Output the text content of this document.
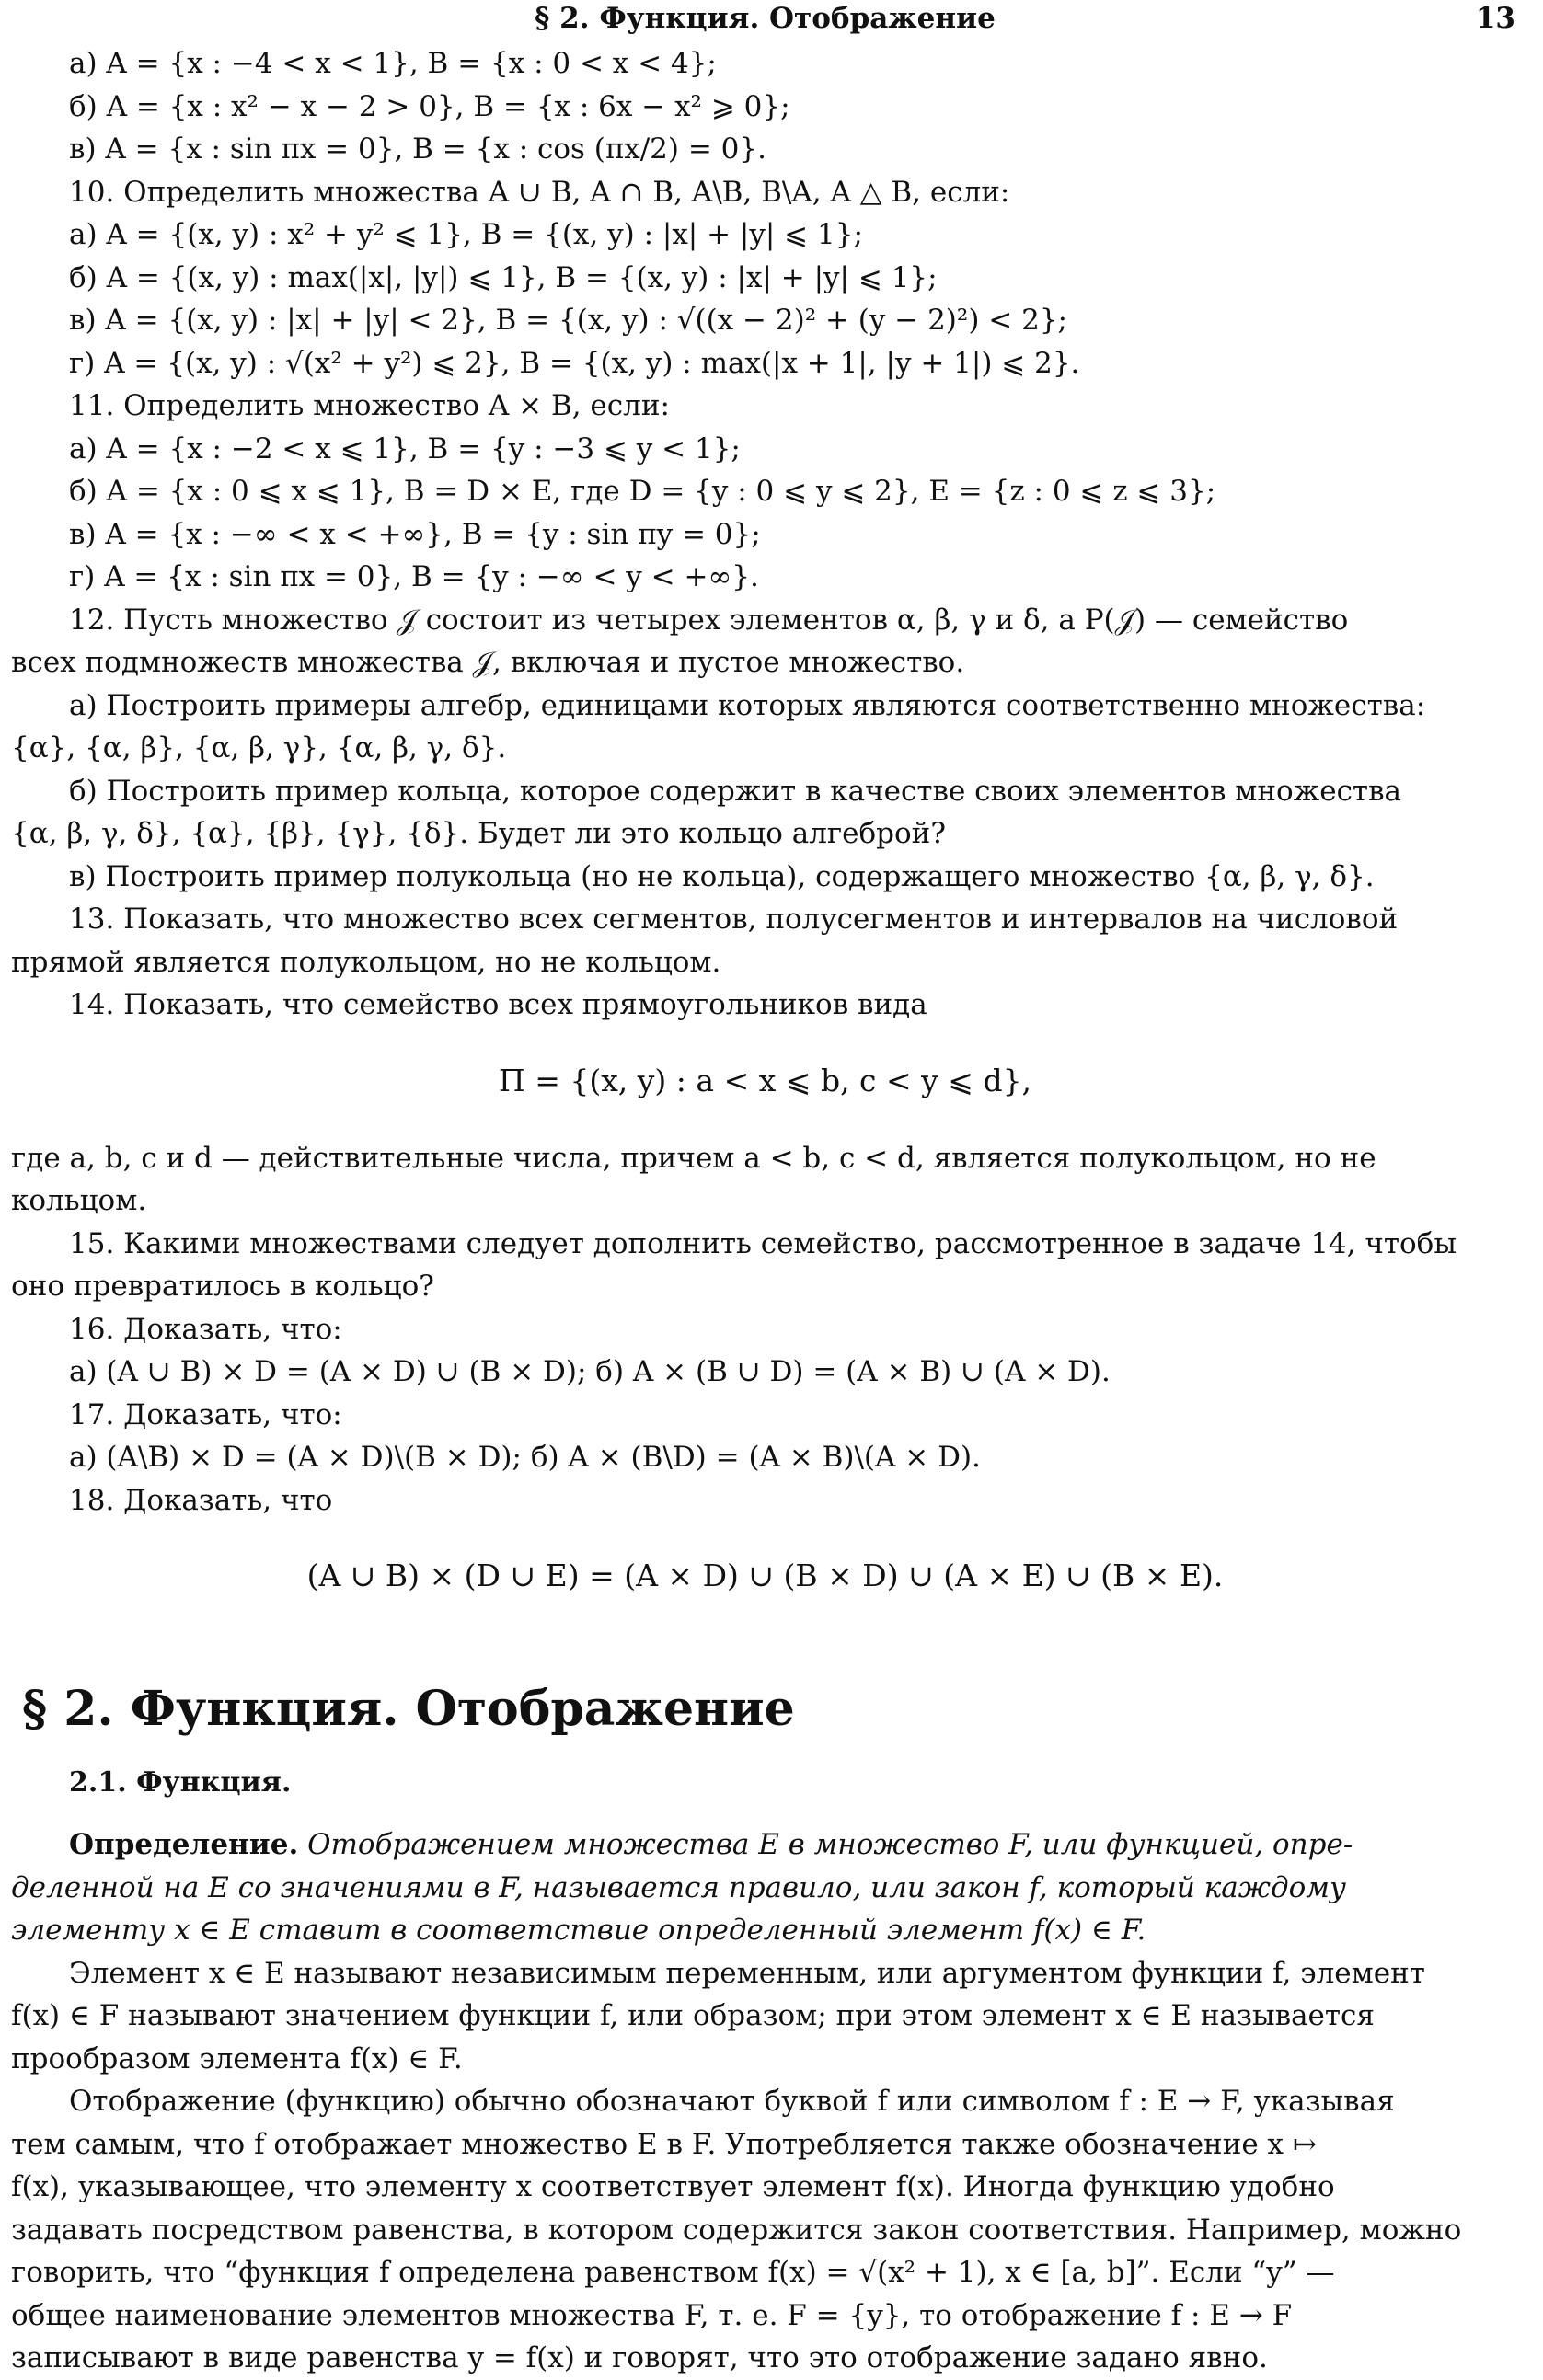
§ 2. Функция. Отображение	13
а) A = {x : −4 < x < 1}, B = {x : 0 < x < 4};
б) A = {x : x² − x − 2 > 0}, B = {x : 6x − x² ⩾ 0};
в) A = {x : sin πx = 0}, B = {x : cos (πx/2) = 0}.
10. Определить множества A ∪ B, A ∩ B, A\B, B\A, A △ B, если:
а) A = {(x, y) : x² + y² ⩽ 1}, B = {(x, y) : |x| + |y| ⩽ 1};
б) A = {(x, y) : max(|x|, |y|) ⩽ 1}, B = {(x, y) : |x| + |y| ⩽ 1};
в) A = {(x, y) : |x| + |y| < 2}, B = {(x, y) : √((x − 2)² + (y − 2)²) < 2};
г) A = {(x, y) : √(x² + y²) ⩽ 2}, B = {(x, y) : max(|x + 1|, |y + 1|) ⩽ 2}.
11. Определить множество A × B, если:
а) A = {x : −2 < x ⩽ 1}, B = {y : −3 ⩽ y < 1};
б) A = {x : 0 ⩽ x ⩽ 1}, B = D × E, где D = {y : 0 ⩽ y ⩽ 2}, E = {z : 0 ⩽ z ⩽ 3};
в) A = {x : −∞ < x < +∞}, B = {y : sin πy = 0};
г) A = {x : sin πx = 0}, B = {y : −∞ < y < +∞}.
12. Пусть множество 𝒥 состоит из четырех элементов α, β, γ и δ, а P(𝒥) — семейство
всех подмножеств множества 𝒥, включая и пустое множество.
а) Построить примеры алгебр, единицами которых являются соответственно множества:
{α}, {α, β}, {α, β, γ}, {α, β, γ, δ}.
б) Построить пример кольца, которое содержит в качестве своих элементов множества
{α, β, γ, δ}, {α}, {β}, {γ}, {δ}. Будет ли это кольцо алгеброй?
в) Построить пример полукольца (но не кольца), содержащего множество {α, β, γ, δ}.
13. Показать, что множество всех сегментов, полусегментов и интервалов на числовой
прямой является полукольцом, но не кольцом.
14. Показать, что семейство всех прямоугольников вида
Π = {(x, y) : a < x ⩽ b, c < y ⩽ d},
где a, b, c и d — действительные числа, причем a < b, c < d, является полукольцом, но не
кольцом.
15. Какими множествами следует дополнить семейство, рассмотренное в задаче 14, чтобы
оно превратилось в кольцо?
16. Доказать, что:
а) (A ∪ B) × D = (A × D) ∪ (B × D); б) A × (B ∪ D) = (A × B) ∪ (A × D).
17. Доказать, что:
а) (A\B) × D = (A × D)\(B × D); б) A × (B\D) = (A × B)\(A × D).
18. Доказать, что
(A ∪ B) × (D ∪ E) = (A × D) ∪ (B × D) ∪ (A × E) ∪ (B × E).
§ 2. Функция. Отображение
2.1. Функция.
Определение. Отображением множества E в множество F, или функцией, опре-
деленной на E со значениями в F, называется правило, или закон f, который каждому
элементу x ∈ E ставит в соответствие определенный элемент f(x) ∈ F.
Элемент x ∈ E называют независимым переменным, или аргументом функции f, элемент
f(x) ∈ F называют значением функции f, или образом; при этом элемент x ∈ E называется
прообразом элемента f(x) ∈ F.
Отображение (функцию) обычно обозначают буквой f или символом f : E → F, указывая
тем самым, что f отображает множество E в F. Употребляется также обозначение x ↦
f(x), указывающее, что элементу x соответствует элемент f(x). Иногда функцию удобно
задавать посредством равенства, в котором содержится закон соответствия. Например, можно
говорить, что “функция f определена равенством f(x) = √(x² + 1), x ∈ [a, b]”. Если “y” —
общее наименование элементов множества F, т. е. F = {y}, то отображение f : E → F
записывают в виде равенства y = f(x) и говорят, что это отображение задано явно.
